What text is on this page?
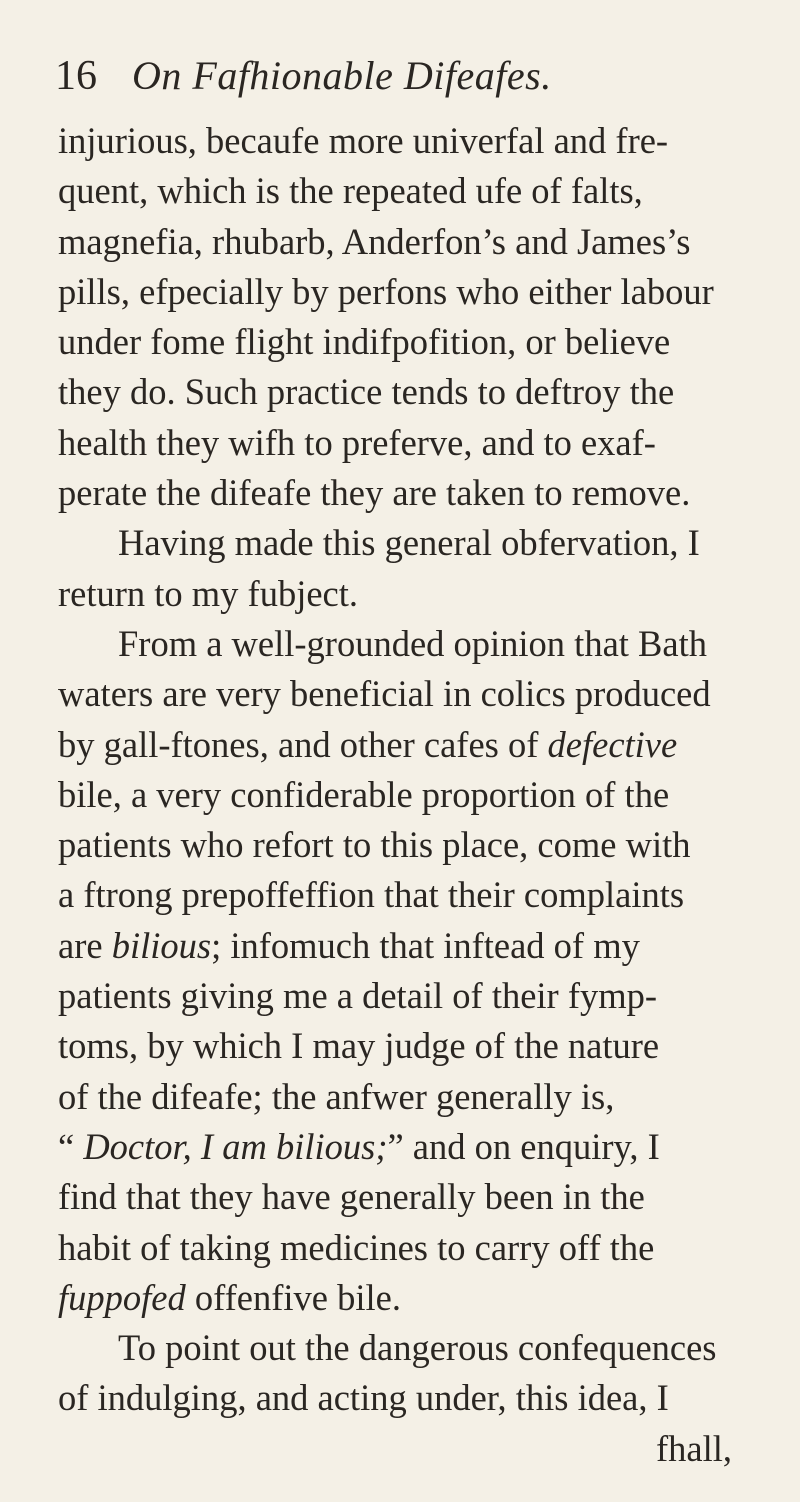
16 On Fafhionable Difeafes.
injurious, becaufe more univerfal and fre-
quent, which is the repeated ufe of falts,
magnefia, rhubarb, Anderfon’s and James’s
pills, efpecially by perfons who either labour
under fome flight indifpofition, or believe
they do. Such practice tends to deftroy the
health they wifh to preferve, and to exaf-
perate the difeafe they are taken to remove.
Having made this general obfervation, I
return to my fubject.
From a well-grounded opinion that Bath
waters are very beneficial in colics produced
by gall-ftones, and other cafes of defective
bile, a very confiderable proportion of the
patients who refort to this place, come with
a ftrong prepoffeffion that their complaints
are bilious; infomuch that inftead of my
patients giving me a detail of their fymp-
toms, by which I may judge of the nature
of the difeafe; the anfwer generally is,
“ Doctor, I am bilious;” and on enquiry, I
find that they have generally been in the
habit of taking medicines to carry off the
fuppofed offenfive bile.
To point out the dangerous confequences
of indulging, and acting under, this idea, I
fhall,
